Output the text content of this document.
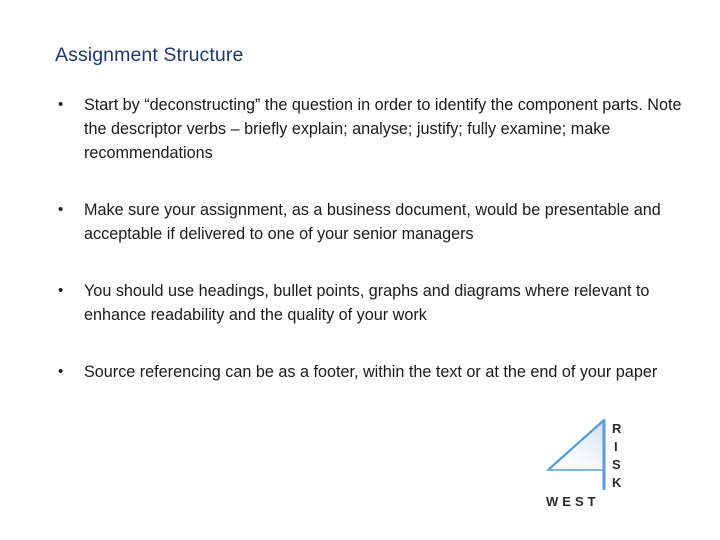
Assignment Structure
• Start by “deconstructing” the question in order to identify the component parts. Note the descriptor verbs – briefly explain; analyse; justify; fully examine; make recommendations
• Make sure your assignment, as a business document, would be presentable and acceptable if delivered to one of your senior managers
• You should use headings, bullet points, graphs and diagrams where relevant to enhance readability and the quality of your work
• Source referencing can be as a footer, within the text or at the end of your paper
R
I
S
K
WEST
